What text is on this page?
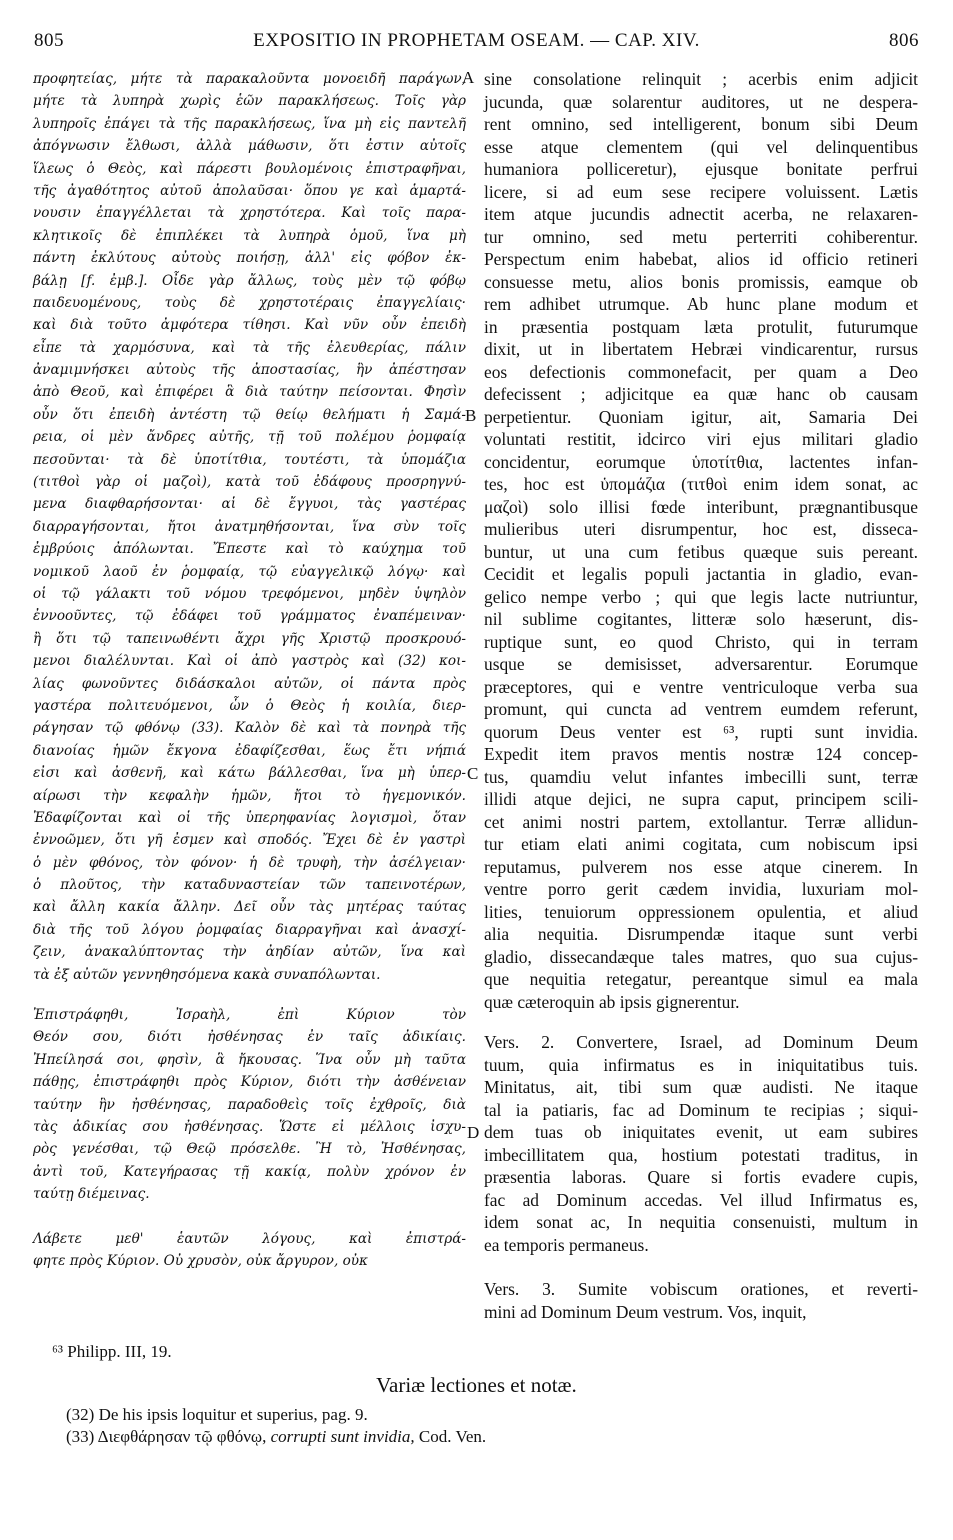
805	EXPOSITIO IN PROPHETAM OSEAM. — CAP. XIV.	806
A
B
C
D
προφητείας, μήτε τὰ παρακαλοῦντα μονοειδῆ παράγων,
μήτε τὰ λυπηρὰ χωρὶς ἑῶν παρακλήσεως. Τοῖς γὰρ
λυπηροῖς ἐπάγει τὰ τῆς παρακλήσεως, ἵνα μὴ εἰς παντελῆ
ἀπόγνωσιν ἔλθωσι, ἀλλὰ μάθωσιν, ὅτι ἐστιν αὐτοῖς
ἵλεως ὁ Θεὸς, καὶ πάρεστι βουλομένοις ἐπιστραφῆναι,
τῆς ἀγαθότητος αὐτοῦ ἀπολαῦσαι· ὅπου γε καὶ ἁμαρτά-
νουσιν ἐπαγγέλλεται τὰ χρηστότερα. Καὶ τοῖς παρα-
κλητικοῖς δὲ ἐπιπλέκει τὰ λυπηρὰ ὁμοῦ, ἵνα μὴ
πάντη ἐκλύτους αὐτοὺς ποιήσῃ, ἀλλ' εἰς φόβον ἐκ-
βάλῃ [f. ἐμβ.]. Οἶδε γὰρ ἄλλως, τοὺς μὲν τῷ φόβῳ
παιδευομένους, τοὺς δὲ χρηστοτέραις ἐπαγγελίαις·
καὶ διὰ τοῦτο ἀμφότερα τίθησι. Καὶ νῦν οὖν ἐπειδὴ
εἶπε τὰ χαρμόσυνα, καὶ τὰ τῆς ἐλευθερίας, πάλιν
ἀναμιμνήσκει αὐτοὺς τῆς ἀποστασίας, ἣν ἀπέστησαν
ἀπὸ Θεοῦ, καὶ ἐπιφέρει ἃ διὰ ταύτην πείσονται. Φησὶν
οὖν ὅτι ἐπειδὴ ἀντέστη τῷ θείῳ θελήματι ἡ Σαμά-
ρεια, οἱ μὲν ἄνδρες αὐτῆς, τῇ τοῦ πολέμου ῥομφαίᾳ
πεσοῦνται· τὰ δὲ ὑποτίτθια, τουτέστι, τὰ ὑπομάζια
(τιτθοὶ γὰρ οἱ μαζοὶ), κατὰ τοῦ ἐδάφους προσρηγνύ-
μενα διαφθαρήσονται· αἱ δὲ ἔγγυοι, τὰς γαστέρας
διαρραγήσονται, ἤτοι ἀνατμηθήσονται, ἵνα σὺν τοῖς
ἐμβρύοις ἀπόλωνται. Ἔπεστε καὶ τὸ καύχημα τοῦ
νομικοῦ λαοῦ ἐν ῥομφαίᾳ, τῷ εὐαγγελικῷ λόγῳ· καὶ
οἱ τῷ γάλακτι τοῦ νόμου τρεφόμενοι, μηδὲν ὑψηλὸν
ἐννοοῦντες, τῷ ἐδάφει τοῦ γράμματος ἐναπέμειναν·
ἢ ὅτι τῷ ταπεινωθέντι ἄχρι γῆς Χριστῷ προσκρουό-
μενοι διαλέλυνται. Καὶ οἱ ἀπὸ γαστρὸς καὶ (32) κοι-
λίας φωνοῦντες διδάσκαλοι αὐτῶν, οἱ πάντα πρὸς
γαστέρα πολιτευόμενοι, ὧν ὁ Θεὸς ἡ κοιλία, διερ-
ράγησαν τῷ φθόνῳ (33). Καλὸν δὲ καὶ τὰ πονηρὰ τῆς
διανοίας ἡμῶν ἔκγονα ἐδαφίζεσθαι, ἕως ἔτι νήπιά
εἰσι καὶ ἀσθενῆ, καὶ κάτω βάλλεσθαι, ἵνα μὴ ὑπερ-
αίρωσι τὴν κεφαλὴν ἡμῶν, ἤτοι τὸ ἡγεμονικόν.
Ἐδαφίζονται καὶ οἱ τῆς ὑπερηφανίας λογισμοὶ, ὅταν
ἐννοῶμεν, ὅτι γῆ ἐσμεν καὶ σποδός. Ἔχει δὲ ἐν γαστρὶ
ὁ μὲν φθόνος, τὸν φόνον· ἡ δὲ τρυφὴ, τὴν ἀσέλγειαν·
ὁ πλοῦτος, τὴν καταδυναστείαν τῶν ταπεινοτέρων,
καὶ ἄλλη κακία ἄλλην. Δεῖ οὖν τὰς μητέρας ταύτας
διὰ τῆς τοῦ λόγου ῥομφαίας διαρραγῆναι καὶ ἀνασχί-
ζειν, ἀνακαλύπτοντας τὴν ἀηδίαν αὐτῶν, ἵνα καὶ
τὰ ἐξ αὐτῶν γεννηθησόμενα κακὰ συναπόλωνται.
Ἐπιστράφηθι, Ἰσραὴλ, ἐπὶ Κύριον τὸν
Θεόν σου, διότι ἠσθένησας ἐν ταῖς ἀδικίαις.
Ἠπείλησά σοι, φησὶν, ἃ ἤκουσας. Ἵνα οὖν μὴ ταῦτα
πάθῃς, ἐπιστράφηθι πρὸς Κύριον, διότι τὴν ἀσθένειαν
ταύτην ἣν ἠσθένησας, παραδοθεὶς τοῖς ἐχθροῖς, διὰ
τὰς ἀδικίας σου ἠσθένησας. Ὥστε εἰ μέλλοις ἰσχυ-
ρὸς γενέσθαι, τῷ Θεῷ πρόσελθε. Ἢ τὸ, Ἠσθένησας,
ἀντὶ τοῦ, Κατεγήρασας τῇ κακίᾳ, πολὺν χρόνον ἐν
ταύτῃ διέμεινας.
Λάβετε μεθ' ἑαυτῶν λόγους, καὶ ἐπιστρά-
φητε πρὸς Κύριον. Οὐ χρυσὸν, οὐκ ἄργυρον, οὐκ
sine consolatione relinquit ; acerbis enim adjicit
jucunda, quæ solarentur auditores, ut ne despera-
rent omnino, sed intelligerent, bonum sibi Deum
esse atque clementem (qui vel delinquentibus
humaniora pollicеretur), ejusque bonitate perfrui
licere, si ad eum sese recipere voluissent. Lætis
item atque jucundis adnectit acerba, ne relaxaren-
tur omnino, sed metu perterriti cohiberentur.
Perspectum enim habebat, alios id officio retineri
consuesse metu, alios bonis promissis, eamque ob
rem adhibet utrumque. Ab hunc plane modum et
in præsentia postquam læta protulit, futurumque
dixit, ut in libertatem Hebræi vindicarentur, rursus
eos defectionis commonefacit, per quam a Deo
defecissent ; adjicitque ea quæ hanc ob causam
perpetientur. Quoniam igitur, ait, Samaria Dei
voluntati restitit, idcirco viri ejus militari gladio
concidentur, eorumque ὑποτίτθια, lactentes infan-
tes, hoc est ὑπομάζια (τιτθοὶ enim idem sonat, ac
μαζοὶ) solo illisi fœde interibunt, prægnantibusque
mulieribus uteri disrumpentur, hoc est, disseca-
buntur, ut una cum fetibus quæque suis pereant.
Cecidit et legalis populi jactantia in gladio, evan-
gelico nempe verbo ; qui que legis lacte nutriuntur,
nil sublime cogitantes, litteræ solo hæserunt, dis-
ruptique sunt, eo quod Christo, qui in terram
usque se demisisset, adversarentur. Eorumque
præceptores, qui e ventre ventriculoque verba sua
promunt, qui cuncta ad ventrem eumdem referunt,
quorum Deus venter est ⁶³, rupti sunt invidia.
Expedit item pravos mentis nostræ 124 concep-
tus, quamdiu velut infantes imbecilli sunt, terræ
illidi atque dejici, ne supra caput, principem scili-
cet animi nostri partem, extollantur. Terræ allidun-
tur etiam elati animi cogitata, cum nobiscum ipsi
reputamus, pulverem nos esse atque cinerem. In
ventre porro gerit cædem invidia, luxuriam mol-
lities, tenuiorum oppressionem opulentia, et aliud
alia nequitia. Disrumpendæ itaque sunt verbi
gladio, dissecandæque tales matres, quo sua cujus-
que nequitia retegatur, pereantque simul ea mala
quæ cæteroquin ab ipsis gignerentur.
Vers. 2. Convertere, Israel, ad Dominum Deum
tuum, quia infirmatus es in iniquitatibus tuis.
Minitatus, ait, tibi sum quæ audisti. Ne itaque
tal ia patiaris, fac ad Dominum te recipias ; siqui-
dem tuas ob iniquitates evenit, ut eam subires
imbecillitatem qua, hostium potestati traditus, in
præsentia laboras. Quare si fortis evadere cupis,
fac ad Dominum accedas. Vel illud Infirmatus es,
idem sonat ac, In nequitia consenuisti, multum in
ea temporis permaneus.
Vers. 3. Sumite vobiscum orationes, et reverti-
mini ad Dominum Deum vestrum. Vos, inquit,
⁶³ Philipp. III, 19.
Variæ lectiones et notæ.
(32) De his ipsis loquitur et superius, pag. 9.
(33) Διεφθάρησαν τῷ φθόνῳ, corrupti sunt invidia, Cod. Ven.
